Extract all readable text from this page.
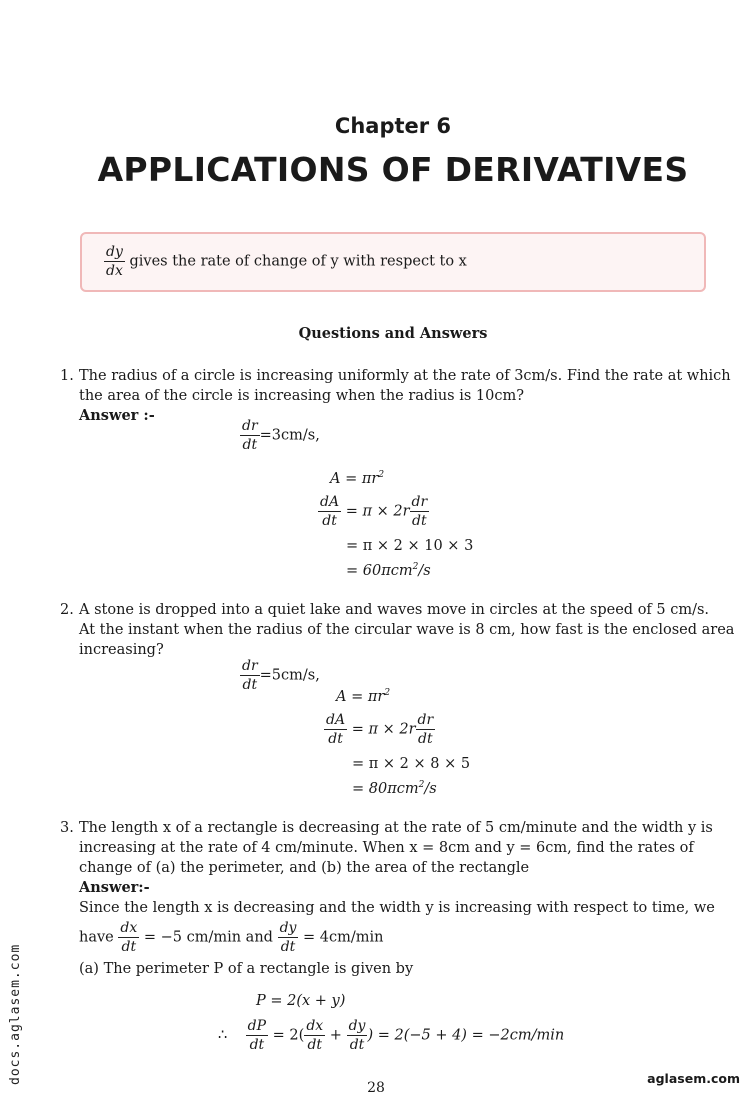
Chapter 6
APPLICATIONS OF DERIVATIVES
$\frac{dy}{dx}$ gives the rate of change of y with respect to x
Questions and Answers
1. The radius of a circle is increasing uniformly at the rate of 3cm/s. Find the rate at which
the area of the circle is increasing when the radius is 10cm?
Answer :-
$\frac{dr}{dt} =3cm/s$,
$A = \pi r^2$
$\frac{dA}{dt} = \pi \times 2r \frac{dr}{dt}$
= π × 2 × 10 × 3
= 60πcm$^2$/s
2. A stone is dropped into a quiet lake and waves move in circles at the speed of 5 cm/s.
At the instant when the radius of the circular wave is 8 cm, how fast is the enclosed area
increasing?
$\frac{dr}{dt} =5cm/s$,
$A = \pi r^2$
$\frac{dA}{dt} = \pi \times 2r \frac{dr}{dt}$
= π × 2 × 8 × 5
= 80πcm$^2$/s
3. The length x of a rectangle is decreasing at the rate of 5 cm/minute and the width y is
increasing at the rate of 4 cm/minute. When x = 8cm and y = 6cm, find the rates of
change of (a) the perimeter, and (b) the area of the rectangle
Answer:-
Since the length x is decreasing and the width y is increasing with respect to time, we
have $\frac{dx}{dt} = -5$ cm/min and $\frac{dy}{dt} = 4cm/\min$
(a) The perimeter P of a rectangle is given by
P = 2(x + y)
∴ $\frac{dP}{dt} = 2( \frac{dx}{dt} + \frac{dy}{dt}$ ) = 2(−5 + 4) = −2cm/min
docs.aglasem.com
28
aglasem.com
